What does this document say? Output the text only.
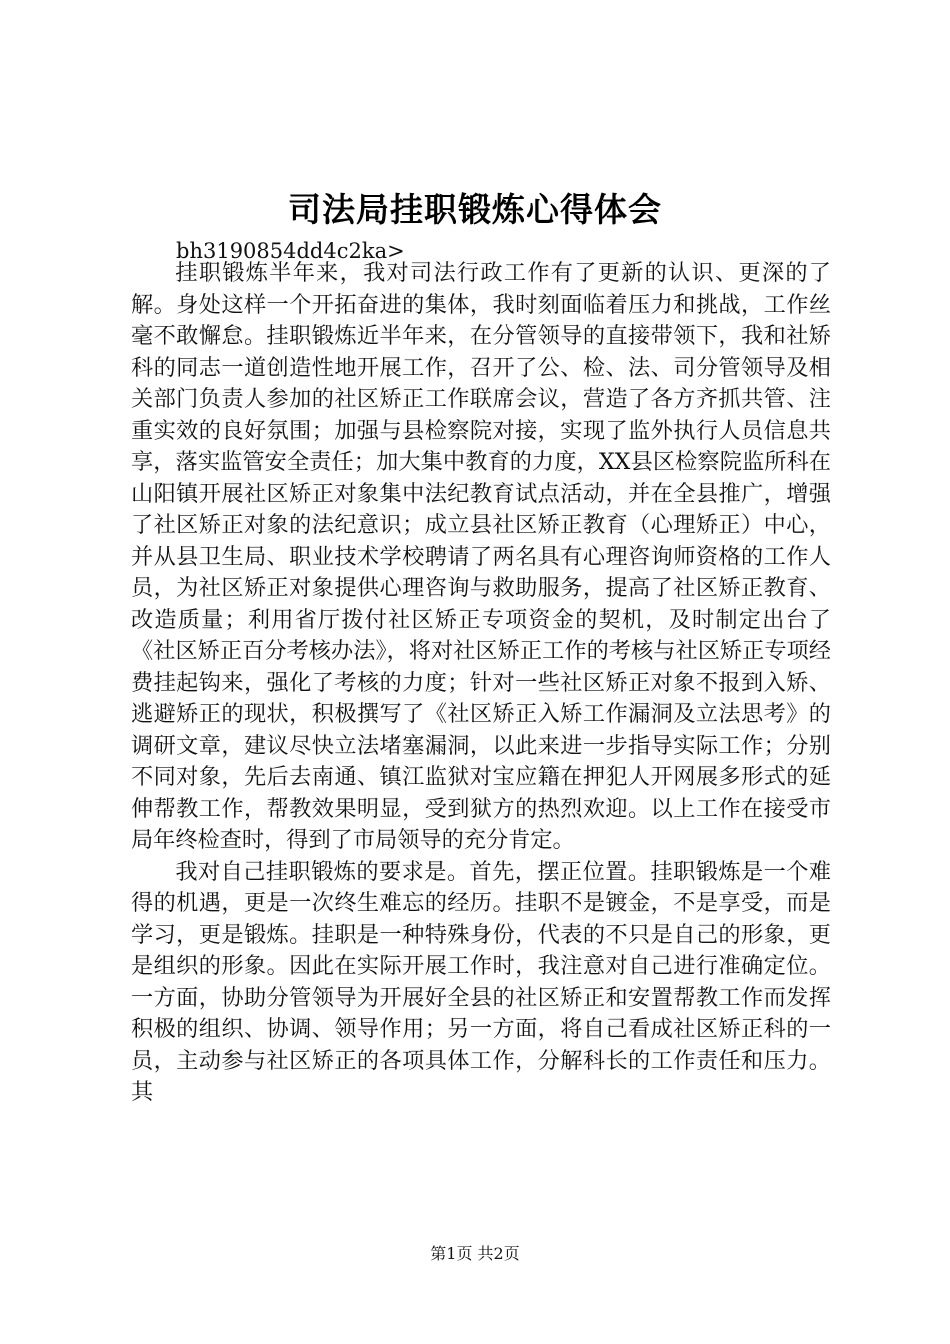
司法局挂职锻炼心得体会
bh3190854dd4c2ka>

挂职锻炼半年来，我对司法行政工作有了更新的认识、更深的了解。身处这样一个开拓奋进的集体，我时刻面临着压力和挑战，工作丝毫不敢懈怠。挂职锻炼近半年来，在分管领导的直接带领下，我和社矫科的同志一道创造性地开展工作，召开了公、检、法、司分管领导及相关部门负责人参加的社区矫正工作联席会议，营造了各方齐抓共管、注重实效的良好氛围；加强与县检察院对接，实现了监外执行人员信息共享，落实监管安全责任；加大集中教育的力度，XX县区检察院监所科在山阳镇开展社区矫正对象集中法纪教育试点活动，并在全县推广，增强了社区矫正对象的法纪意识；成立县社区矫正教育（心理矫正）中心，并从县卫生局、职业技术学校聘请了两名具有心理咨询师资格的工作人员，为社区矫正对象提供心理咨询与救助服务，提高了社区矫正教育、改造质量；利用省厅拨付社区矫正专项资金的契机，及时制定出台了《社区矫正百分考核办法》，将对社区矫正工作的考核与社区矫正专项经费挂起钩来，强化了考核的力度；针对一些社区矫正对象不报到入矫、逃避矫正的现状，积极撰写了《社区矫正入矫工作漏洞及立法思考》的调研文章，建议尽快立法堵塞漏洞，以此来进一步指导实际工作；分别不同对象，先后去南通、镇江监狱对宝应籍在押犯人开网展多形式的延伸帮教工作，帮教效果明显，受到狱方的热烈欢迎。以上工作在接受市局年终检查时，得到了市局领导的充分肯定。

我对自己挂职锻炼的要求是。首先，摆正位置。挂职锻炼是一个难得的机遇，更是一次终生难忘的经历。挂职不是镀金，不是享受，而是学习，更是锻炼。挂职是一种特殊身份，代表的不只是自己的形象，更是组织的形象。因此在实际开展工作时，我注意对自己进行准确定位。一方面，协助分管领导为开展好全县的社区矫正和安置帮教工作而发挥积极的组织、协调、领导作用；另一方面，将自己看成社区矫正科的一员，主动参与社区矫正的各项具体工作，分解科长的工作责任和压力。其

第1页 共2页
